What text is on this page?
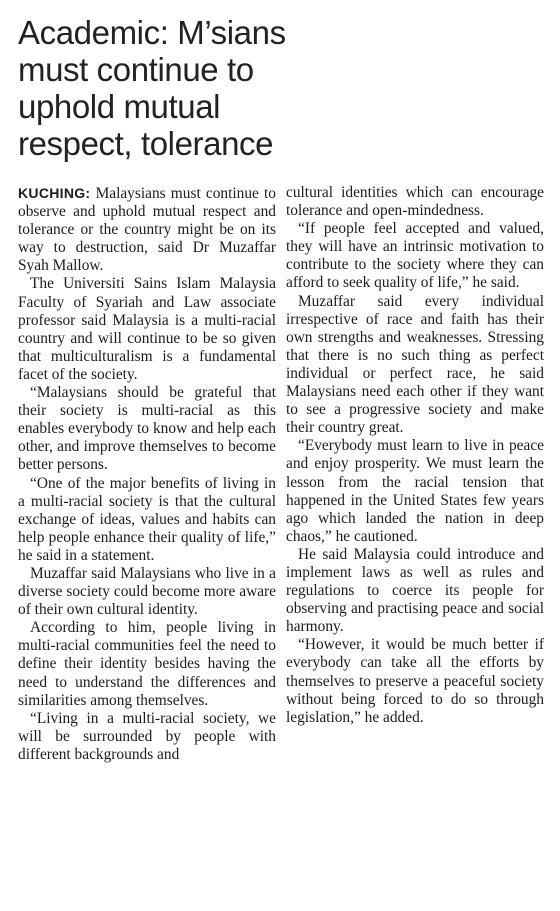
Academic: M’sians must continue to uphold mutual respect, tolerance

KUCHING: Malaysians must continue to observe and uphold mutual respect and tolerance or the country might be on its way to destruction, said Dr Muzaffar Syah Mallow.

The Universiti Sains Islam Malaysia Faculty of Syariah and Law associate professor said Malaysia is a multi-racial country and will continue to be so given that multiculturalism is a fundamental facet of the society.

“Malaysians should be grateful that their society is multi-racial as this enables everybody to know and help each other, and improve themselves to become better persons.

“One of the major benefits of living in a multi-racial society is that the cultural exchange of ideas, values and habits can help people enhance their quality of life,” he said in a statement.

Muzaffar said Malaysians who live in a diverse society could become more aware of their own cultural identity.

According to him, people living in multi-racial communities feel the need to define their identity besides having the need to understand the differences and similarities among themselves.

“Living in a multi-racial society, we will be surrounded by people with different backgrounds and

cultural identities which can encourage tolerance and open-mindedness.

“If people feel accepted and valued, they will have an intrinsic motivation to contribute to the society where they can afford to seek quality of life,” he said.

Muzaffar said every individual irrespective of race and faith has their own strengths and weaknesses. Stressing that there is no such thing as perfect individual or perfect race, he said Malaysians need each other if they want to see a progressive society and make their country great.

“Everybody must learn to live in peace and enjoy prosperity. We must learn the lesson from the racial tension that happened in the United States few years ago which landed the nation in deep chaos,” he cautioned.

He said Malaysia could introduce and implement laws as well as rules and regulations to coerce its people for observing and practising peace and social harmony.

“However, it would be much better if everybody can take all the efforts by themselves to preserve a peaceful society without being forced to do so through legislation,” he added.
